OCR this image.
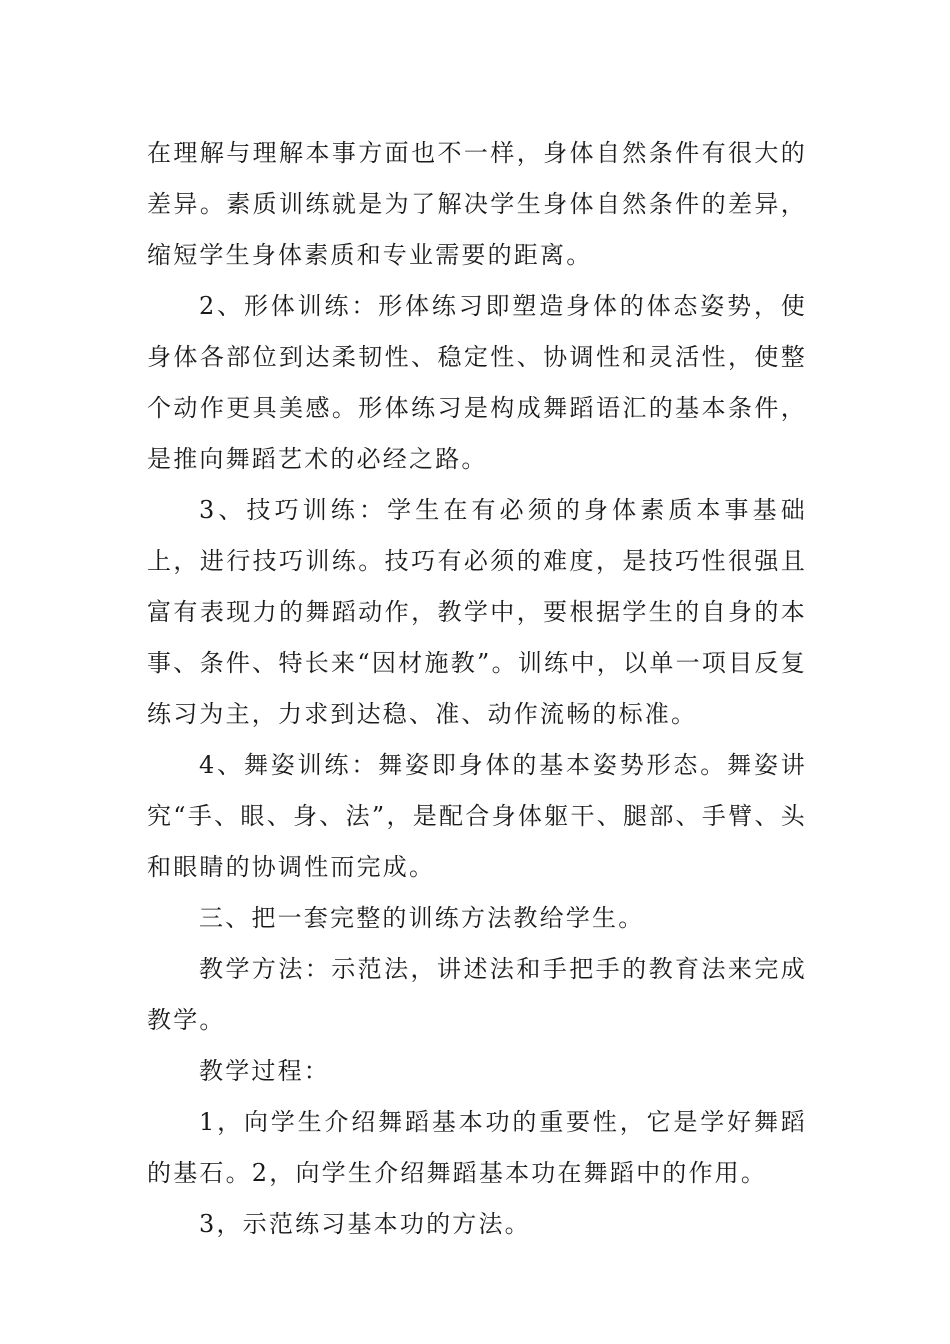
在理解与理解本事方面也不一样，身体自然条件有很大的差异。素质训练就是为了解决学生身体自然条件的差异，缩短学生身体素质和专业需要的距离。

2、形体训练：形体练习即塑造身体的体态姿势，使身体各部位到达柔韧性、稳定性、协调性和灵活性，使整个动作更具美感。形体练习是构成舞蹈语汇的基本条件，是推向舞蹈艺术的必经之路。

3、技巧训练：学生在有必须的身体素质本事基础上，进行技巧训练。技巧有必须的难度，是技巧性很强且富有表现力的舞蹈动作，教学中，要根据学生的自身的本事、条件、特长来“因材施教”。训练中，以单一项目反复练习为主，力求到达稳、准、动作流畅的标准。

4、舞姿训练：舞姿即身体的基本姿势形态。舞姿讲究“手、眼、身、法”，是配合身体躯干、腿部、手臂、头和眼睛的协调性而完成。

三、把一套完整的训练方法教给学生。

教学方法：示范法，讲述法和手把手的教育法来完成教学。

教学过程：

1，向学生介绍舞蹈基本功的重要性，它是学好舞蹈的基石。2，向学生介绍舞蹈基本功在舞蹈中的作用。

3，示范练习基本功的方法。
